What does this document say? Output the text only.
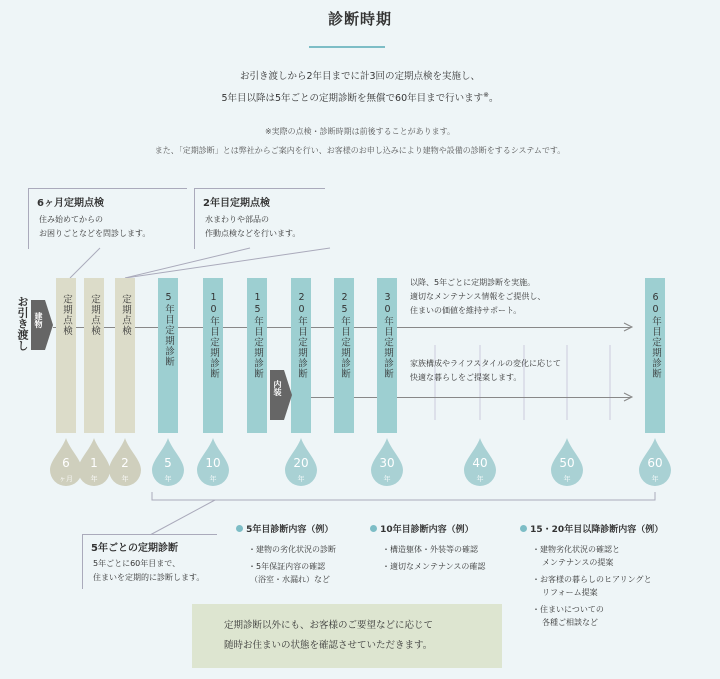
診断時期
お引き渡しから2年目までに計3回の定期点検を実施し、
5年目以降は5年ごとの定期診断を無償で60年目まで行います※。
※実際の点検・診断時期は前後することがあります。
また、「定期診断」とは弊社からご案内を行い、お客様のお申し込みにより建物や設備の診断をするシステムです。
6ヶ月定期点検
住み始めてからの
お困りごとなどを問診します。
2年目定期点検
水まわりや部品の
作動点検などを行います。
お引き渡し 建物 定期点検 定期点検 定期点検	5年目定期診断	10年目定期診断	15年目定期診断	20年目定期診断	25年目定期診断	30年目定期診断	60年目定期診断
内装
以降、5年ごとに定期診断を実施。
適切なメンテナンス情報をご提供し、
住まいの価値を維持サポート。
家族構成やライフスタイルの変化に応じて
快適な暮らしをご提案します。
6
ヶ月
1
年
2
年
5
年
10
年
20
年
30
年
40
年
50
年
60
年
5年ごとの定期診断
5年ごとに60年目まで、
住まいを定期的に診断します。
5年目診断内容（例）
・建物の劣化状況の診断
・5年保証内容の確認
（浴室・水漏れ）など
10年目診断内容（例）
・構造躯体・外装等の確認
・適切なメンテナンスの確認
15・20年目以降診断内容（例）
・建物劣化状況の確認と
メンテナンスの提案
・お客様の暮らしのヒアリングと
リフォーム提案
・住まいについての
各種ご相談など
定期診断以外にも、お客様のご要望などに応じて
随時お住まいの状態を確認させていただきます。
